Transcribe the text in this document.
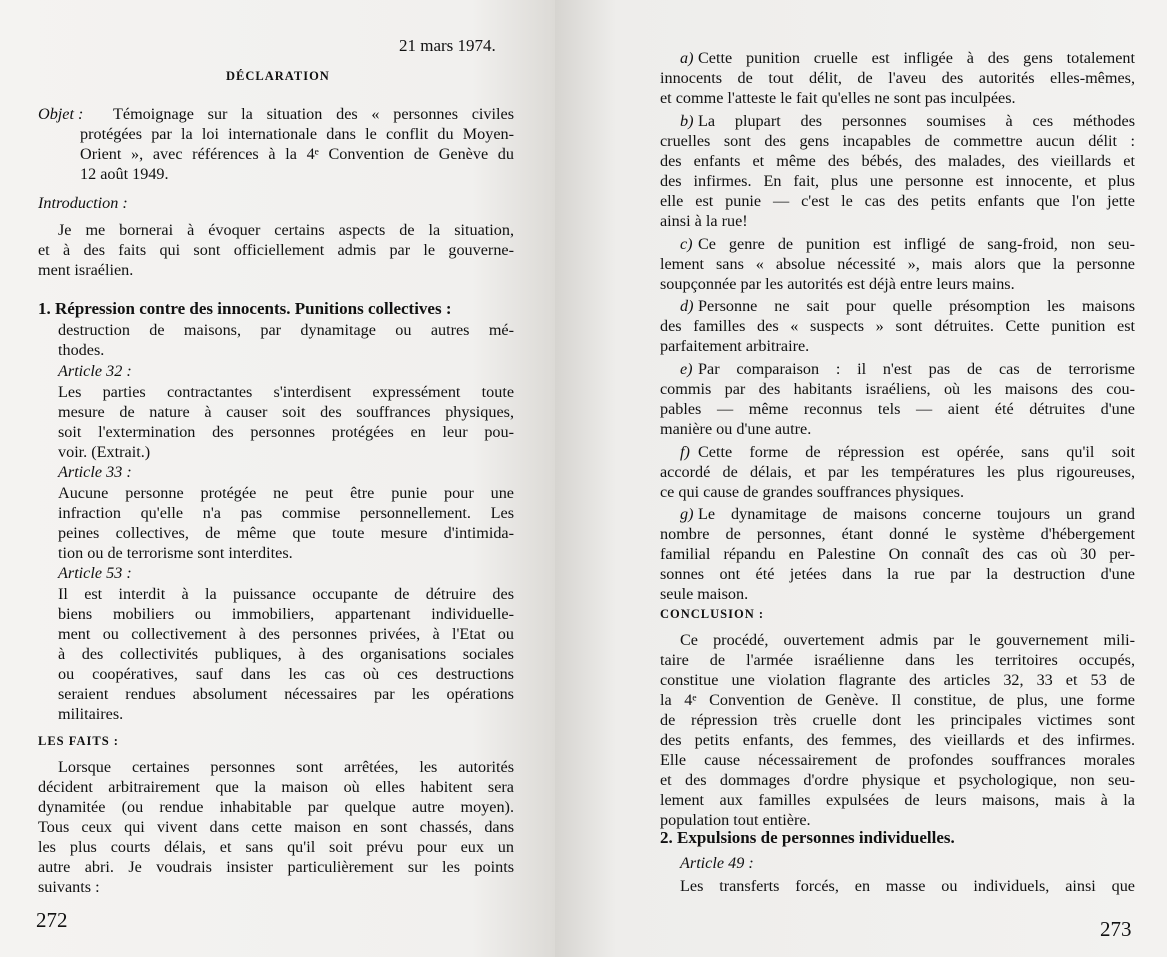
21 mars 1974.
DÉCLARATION
Objet : Témoignage sur la situation des « personnes civiles
protégées par la loi internationale dans le conflit du Moyen-
Orient », avec références à la 4ᵉ Convention de Genève du
12 août 1949.
Introduction :
Je me bornerai à évoquer certains aspects de la situation,
et à des faits qui sont officiellement admis par le gouverne-
ment israélien.
1. Répression contre des innocents. Punitions collectives :
destruction de maisons, par dynamitage ou autres mé-
thodes.
Article 32 :
Les parties contractantes s'interdisent expressément toute
mesure de nature à causer soit des souffrances physiques,
soit l'extermination des personnes protégées en leur pou-
voir. (Extrait.)
Article 33 :
Aucune personne protégée ne peut être punie pour une
infraction qu'elle n'a pas commise personnellement. Les
peines collectives, de même que toute mesure d'intimida-
tion ou de terrorisme sont interdites.
Article 53 :
Il est interdit à la puissance occupante de détruire des
biens mobiliers ou immobiliers, appartenant individuelle-
ment ou collectivement à des personnes privées, à l'Etat ou
à des collectivités publiques, à des organisations sociales
ou coopératives, sauf dans les cas où ces destructions
seraient rendues absolument nécessaires par les opérations
militaires.
LES FAITS :
Lorsque certaines personnes sont arrêtées, les autorités
décident arbitrairement que la maison où elles habitent sera
dynamitée (ou rendue inhabitable par quelque autre moyen).
Tous ceux qui vivent dans cette maison en sont chassés, dans
les plus courts délais, et sans qu'il soit prévu pour eux un
autre abri. Je voudrais insister particulièrement sur les points
suivants :
272
a) Cette punition cruelle est infligée à des gens totalement
innocents de tout délit, de l'aveu des autorités elles-mêmes,
et comme l'atteste le fait qu'elles ne sont pas inculpées.
b) La plupart des personnes soumises à ces méthodes
cruelles sont des gens incapables de commettre aucun délit :
des enfants et même des bébés, des malades, des vieillards et
des infirmes. En fait, plus une personne est innocente, et plus
elle est punie — c'est le cas des petits enfants que l'on jette
ainsi à la rue!
c) Ce genre de punition est infligé de sang-froid, non seu-
lement sans « absolue nécessité », mais alors que la personne
soupçonnée par les autorités est déjà entre leurs mains.
d) Personne ne sait pour quelle présomption les maisons
des familles des « suspects » sont détruites. Cette punition est
parfaitement arbitraire.
e) Par comparaison : il n'est pas de cas de terrorisme
commis par des habitants israéliens, où les maisons des cou-
pables — même reconnus tels — aient été détruites d'une
manière ou d'une autre.
f) Cette forme de répression est opérée, sans qu'il soit
accordé de délais, et par les températures les plus rigoureuses,
ce qui cause de grandes souffrances physiques.
g) Le dynamitage de maisons concerne toujours un grand
nombre de personnes, étant donné le système d'hébergement
familial répandu en Palestine On connaît des cas où 30 per-
sonnes ont été jetées dans la rue par la destruction d'une
seule maison.
CONCLUSION :
Ce procédé, ouvertement admis par le gouvernement mili-
taire de l'armée israélienne dans les territoires occupés,
constitue une violation flagrante des articles 32, 33 et 53 de
la 4ᵉ Convention de Genève. Il constitue, de plus, une forme
de répression très cruelle dont les principales victimes sont
des petits enfants, des femmes, des vieillards et des infirmes.
Elle cause nécessairement de profondes souffrances morales
et des dommages d'ordre physique et psychologique, non seu-
lement aux familles expulsées de leurs maisons, mais à la
population tout entière.
2. Expulsions de personnes individuelles.
Article 49 :
Les transferts forcés, en masse ou individuels, ainsi que
273
